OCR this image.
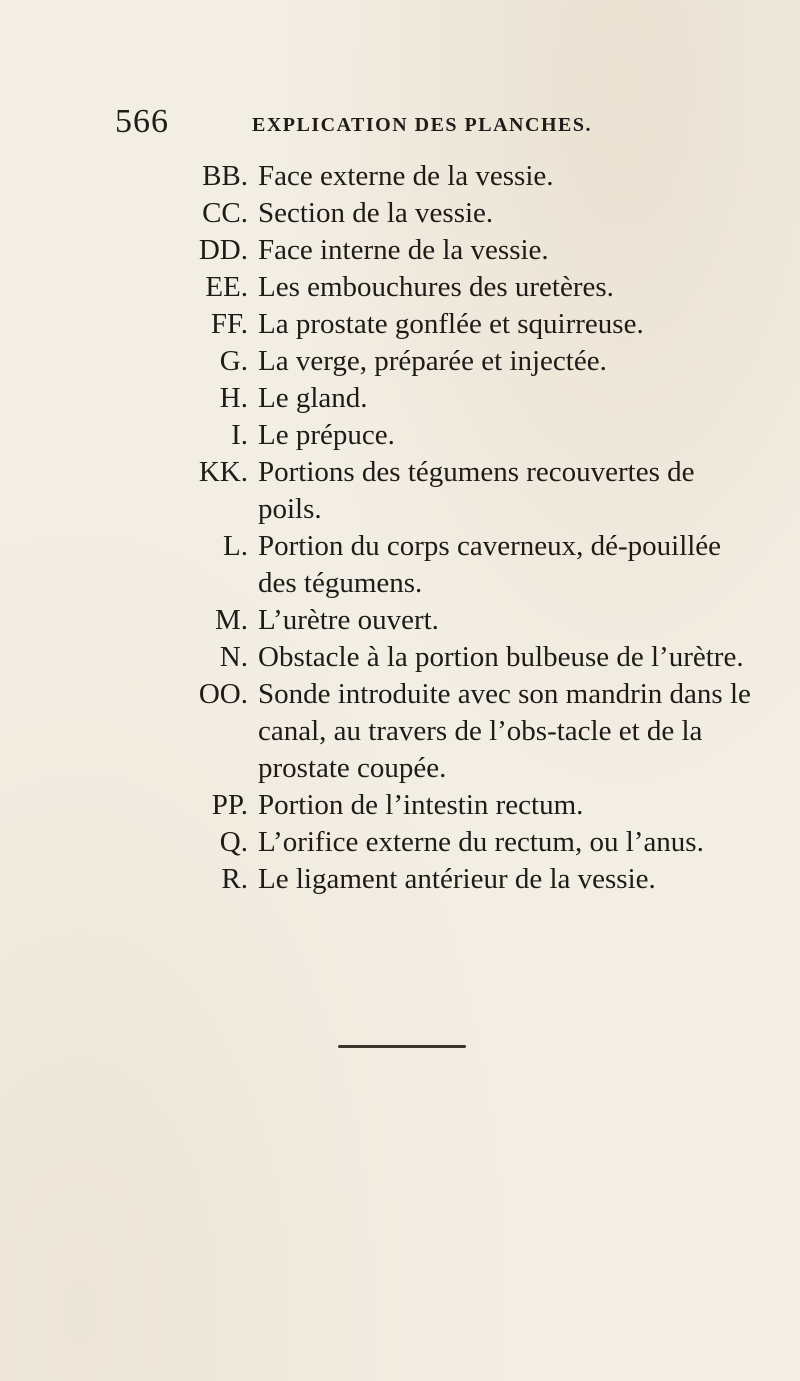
566	EXPLICATION DES PLANCHES.
BB. Face externe de la vessie.
CC. Section de la vessie.
DD. Face interne de la vessie.
EE. Les embouchures des uretères.
FF. La prostate gonflée et squirreuse.
G. La verge, préparée et injectée.
H. Le gland.
I. Le prépuce.
KK. Portions des tégumens recouvertes de poils.
L. Portion du corps caverneux, dé-pouillée des tégumens.
M. L’urètre ouvert.
N. Obstacle à la portion bulbeuse de l’urètre.
OO. Sonde introduite avec son mandrin dans le canal, au travers de l’obs-tacle et de la prostate coupée.
PP. Portion de l’intestin rectum.
Q. L’orifice externe du rectum, ou l’anus.
R. Le ligament antérieur de la vessie.
